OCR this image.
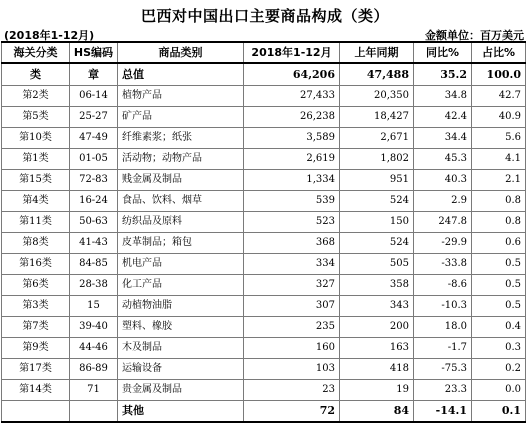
巴西对中国出口主要商品构成（类）
(2018年1-12月)	金额单位：百万美元
海关分类	HS编码	商品类别	2018年1-12月	上年同期	同比%	占比%
类	章	总值	64,206	47,488	35.2	100.0
第2类	06-14	植物产品	27,433	20,350	34.8	42.7
第5类	25-27	矿产品	26,238	18,427	42.4	40.9
第10类	47-49	纤维素浆；纸张	3,589	2,671	34.4	5.6
第1类	01-05	活动物；动物产品	2,619	1,802	45.3	4.1
第15类	72-83	贱金属及制品	1,334	951	40.3	2.1
第4类	16-24	食品、饮料、烟草	539	524	2.9	0.8
第11类	50-63	纺织品及原料	523	150	247.8	0.8
第8类	41-43	皮革制品；箱包	368	524	-29.9	0.6
第16类	84-85	机电产品	334	505	-33.8	0.5
第6类	28-38	化工产品	327	358	-8.6	0.5
第3类	15	动植物油脂	307	343	-10.3	0.5
第7类	39-40	塑料、橡胶	235	200	18.0	0.4
第9类	44-46	木及制品	160	163	-1.7	0.3
第17类	86-89	运输设备	103	418	-75.3	0.2
第14类	71	贵金属及制品	23	19	23.3	0.0
		其他	72	84	-14.1	0.1
